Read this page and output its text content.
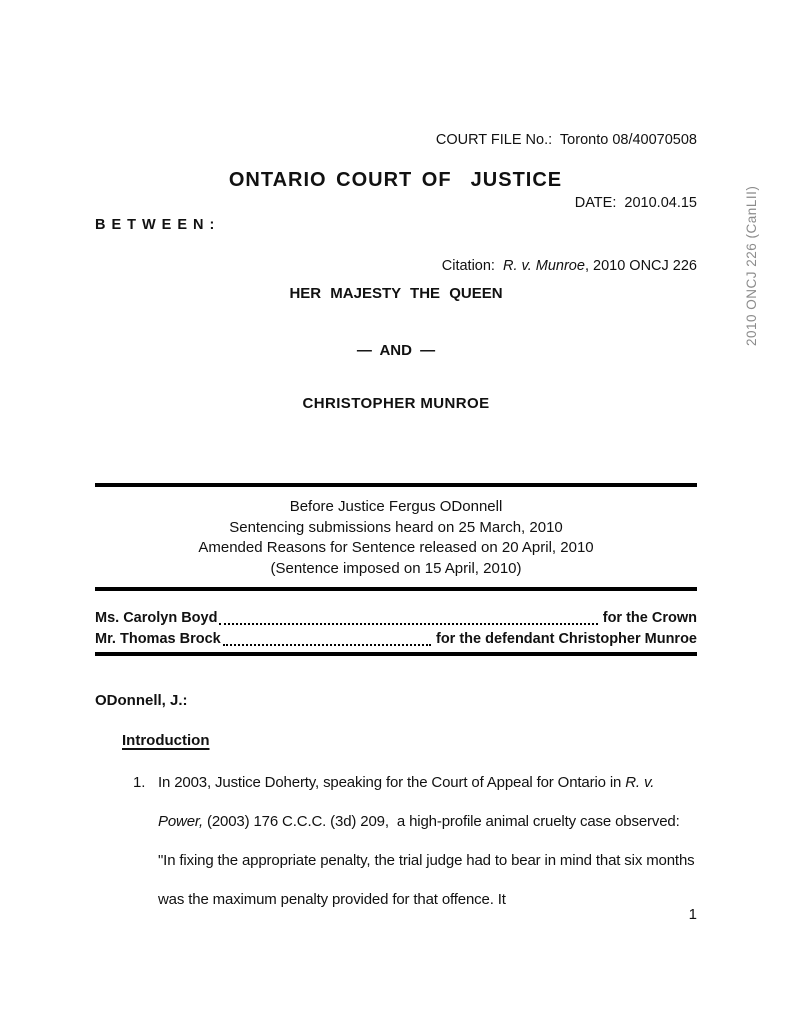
COURT FILE No.:  Toronto 08/40070508

DATE:  2010.04.15

Citation:  R. v. Munroe, 2010 ONCJ 226

	2010 ONCJ 226 (CanLII)
ONTARIO COURT OF  JUSTICE
BETWEEN:
HER MAJESTY THE QUEEN
— AND —
CHRISTOPHER MUNROE
Before Justice Fergus ODonnell
Sentencing submissions heard on 25 March, 2010
Amended Reasons for Sentence released on 20 April, 2010
(Sentence imposed on 15 April, 2010)
Ms. Carolyn Boyd	for the Crown
Mr. Thomas Brock	for the defendant Christopher Munroe
ODonnell, J.:
Introduction
1. In 2003, Justice Doherty, speaking for the Court of Appeal for Ontario in R. v. Power, (2003) 176 C.C.C. (3d) 209,  a high-profile animal cruelty case observed:  "In fixing the appropriate penalty, the trial judge had to bear in mind that six months was the maximum penalty provided for that offence. It
1
